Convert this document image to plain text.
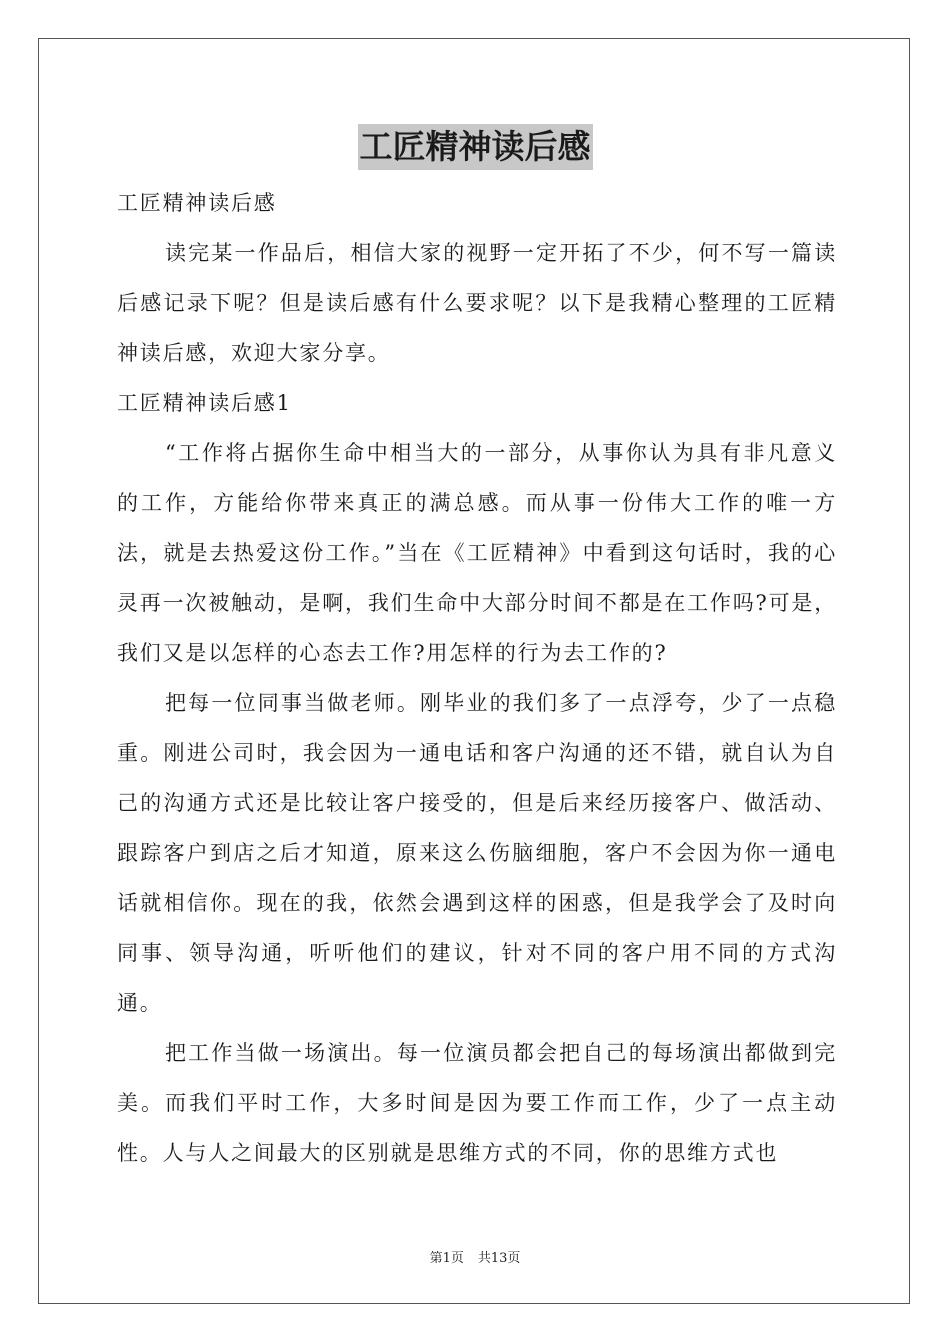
工匠精神读后感

工匠精神读后感

读完某一作品后，相信大家的视野一定开拓了不少，何不写一篇读后感记录下呢？但是读后感有什么要求呢？以下是我精心整理的工匠精神读后感，欢迎大家分享。

工匠精神读后感1

“工作将占据你生命中相当大的一部分，从事你认为具有非凡意义的工作，方能给你带来真正的满总感。而从事一份伟大工作的唯一方法，就是去热爱这份工作。”当在《工匠精神》中看到这句话时，我的心灵再一次被触动，是啊，我们生命中大部分时间不都是在工作吗?可是，我们又是以怎样的心态去工作?用怎样的行为去工作的?

把每一位同事当做老师。刚毕业的我们多了一点浮夸，少了一点稳重。刚进公司时，我会因为一通电话和客户沟通的还不错，就自认为自己的沟通方式还是比较让客户接受的，但是后来经历接客户、做活动、跟踪客户到店之后才知道，原来这么伤脑细胞，客户不会因为你一通电话就相信你。现在的我，依然会遇到这样的困惑，但是我学会了及时向同事、领导沟通，听听他们的建议，针对不同的客户用不同的方式沟通。

把工作当做一场演出。每一位演员都会把自己的每场演出都做到完美。而我们平时工作，大多时间是因为要工作而工作，少了一点主动性。人与人之间最大的区别就是思维方式的不同，你的思维方式也

第1页 共13页
